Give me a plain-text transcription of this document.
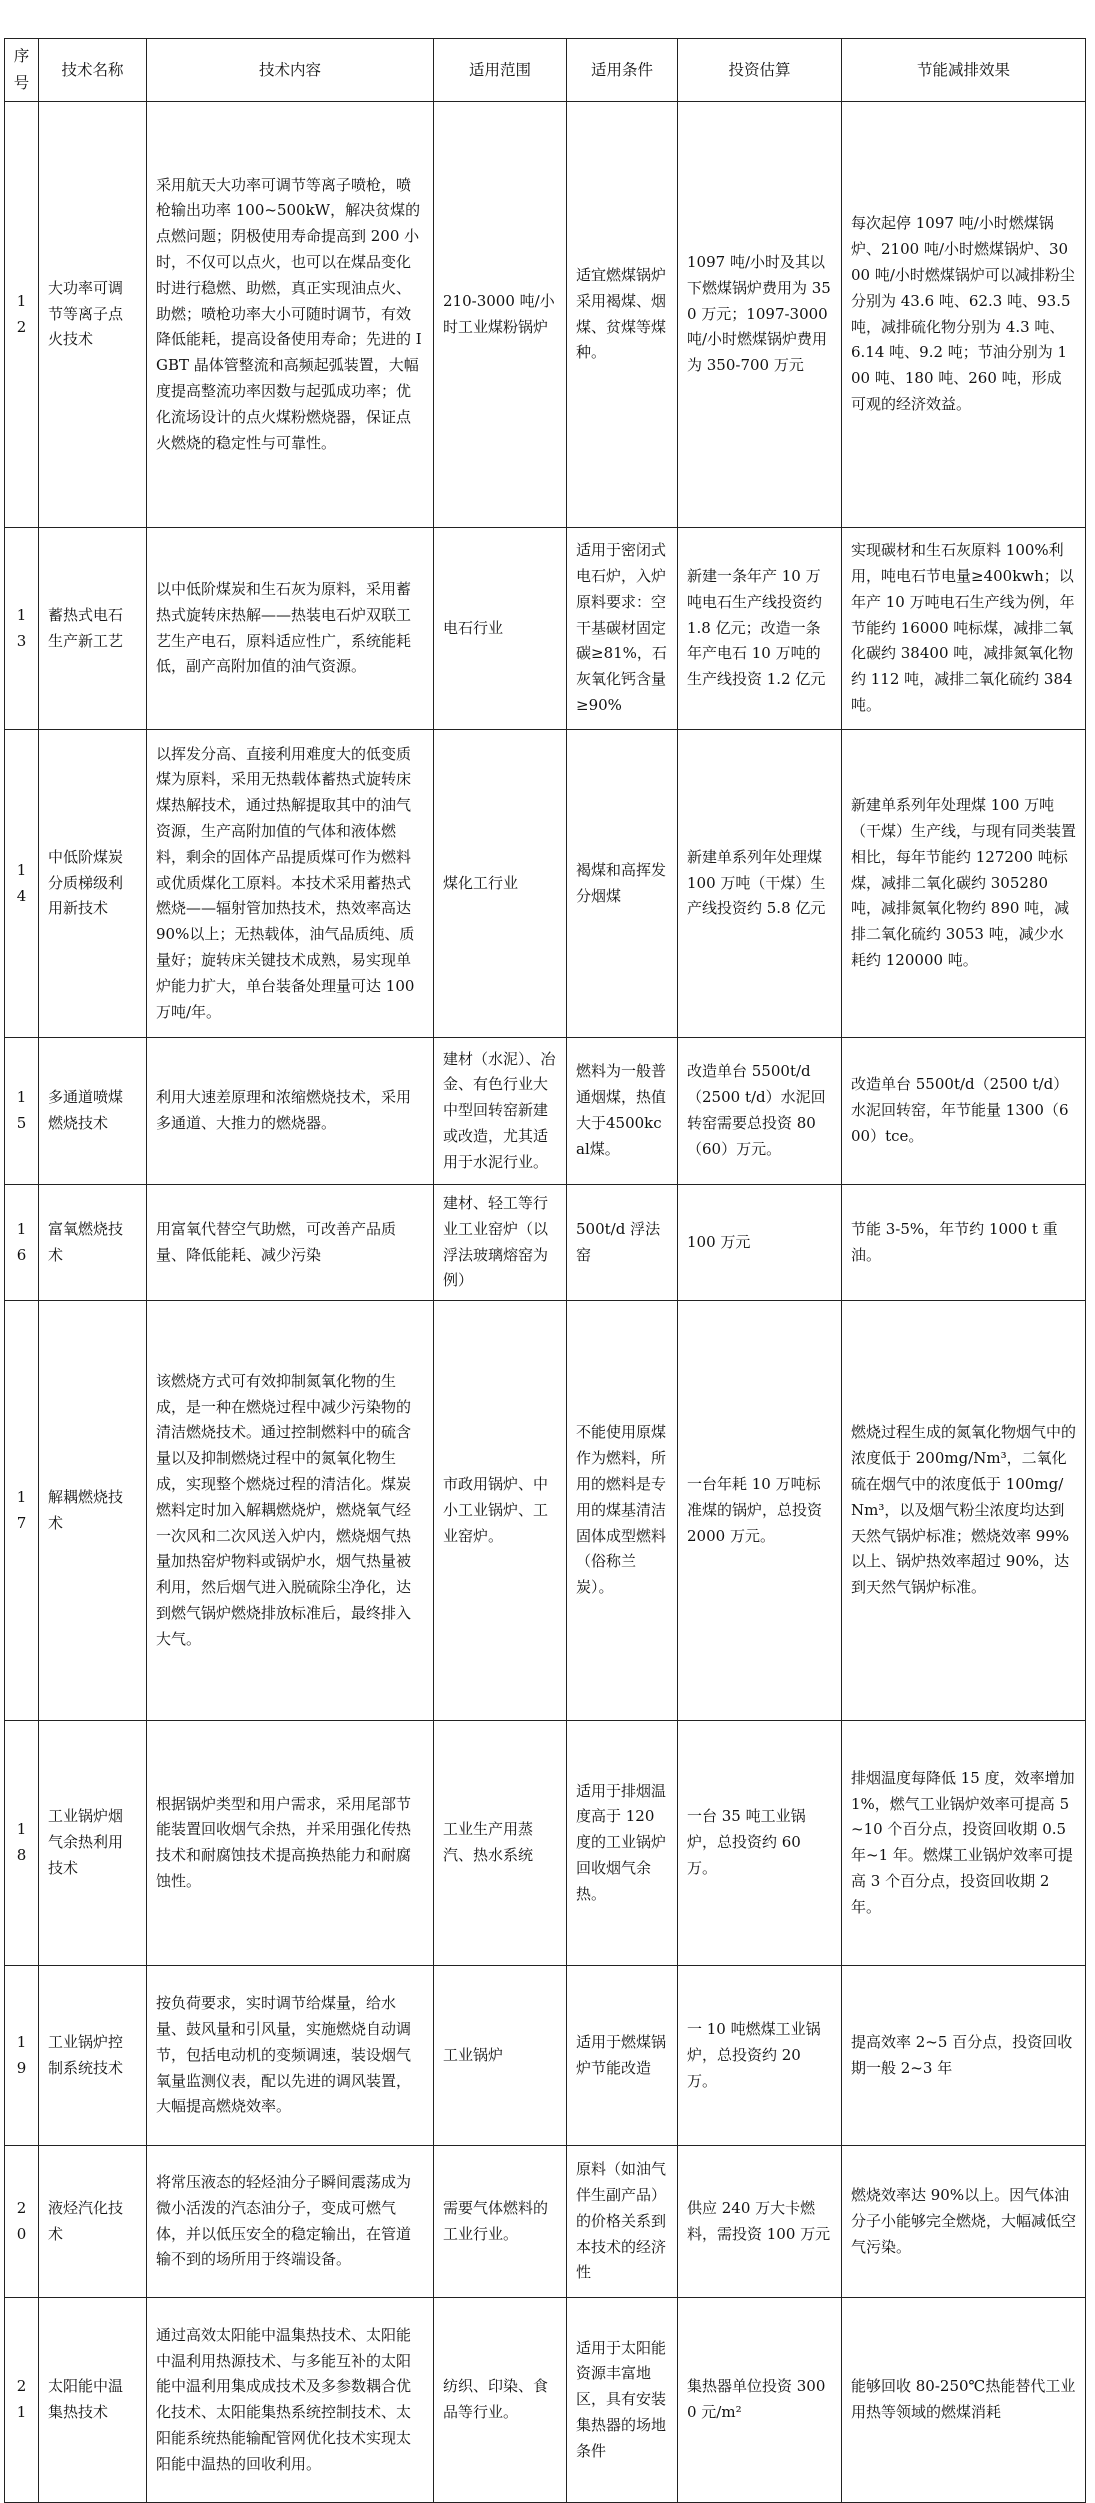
序号	技术名称	技术内容	适用范围	适用条件	投资估算	节能减排效果
12	大功率可调节等离子点火技术	采用航天大功率可调节等离子喷枪，喷枪输出功率 100~500kW，解决贫煤的点燃问题；阴极使用寿命提高到 200 小时，不仅可以点火，也可以在煤品变化时进行稳燃、助燃，真正实现油点火、助燃；喷枪功率大小可随时调节，有效降低能耗，提高设备使用寿命；先进的 IGBT 晶体管整流和高频起弧装置，大幅度提高整流功率因数与起弧成功率；优化流场设计的点火煤粉燃烧器，保证点火燃烧的稳定性与可靠性。	210-3000 吨/小时工业煤粉锅炉	适宜燃煤锅炉采用褐煤、烟煤、贫煤等煤种。	1097 吨/小时及其以下燃煤锅炉费用为 350 万元；1097-3000 吨/小时燃煤锅炉费用为 350-700 万元	每次起停 1097 吨/小时燃煤锅炉、2100 吨/小时燃煤锅炉、3000 吨/小时燃煤锅炉可以减排粉尘分别为 43.6 吨、62.3 吨、93.5 吨，减排硫化物分别为 4.3 吨、6.14 吨、9.2 吨；节油分别为 100 吨、180 吨、260 吨，形成可观的经济效益。
13	蓄热式电石生产新工艺	以中低阶煤炭和生石灰为原料，采用蓄热式旋转床热解——热装电石炉双联工艺生产电石，原料适应性广，系统能耗低，副产高附加值的油气资源。	电石行业	适用于密闭式电石炉，入炉原料要求：空干基碳材固定碳≥81%，石灰氧化钙含量≥90%	新建一条年产 10 万吨电石生产线投资约 1.8 亿元；改造一条年产电石 10 万吨的生产线投资 1.2 亿元	实现碳材和生石灰原料 100%利用，吨电石节电量≥400kwh；以年产 10 万吨电石生产线为例，年节能约 16000 吨标煤，减排二氧化碳约 38400 吨，减排氮氧化物约 112 吨，减排二氧化硫约 384 吨。
14	中低阶煤炭分质梯级利用新技术	以挥发分高、直接利用难度大的低变质煤为原料，采用无热载体蓄热式旋转床煤热解技术，通过热解提取其中的油气资源，生产高附加值的气体和液体燃料，剩余的固体产品提质煤可作为燃料或优质煤化工原料。本技术采用蓄热式燃烧——辐射管加热技术，热效率高达 90%以上；无热载体，油气品质纯、质量好；旋转床关键技术成熟，易实现单炉能力扩大，单台装备处理量可达 100 万吨/年。	煤化工行业	褐煤和高挥发分烟煤	新建单系列年处理煤 100 万吨（干煤）生产线投资约 5.8 亿元	新建单系列年处理煤 100 万吨（干煤）生产线，与现有同类装置相比，每年节能约 127200 吨标煤，减排二氧化碳约 305280 吨，减排氮氧化物约 890 吨，减排二氧化硫约 3053 吨，减少水耗约 120000 吨。
15	多通道喷煤燃烧技术	利用大速差原理和浓缩燃烧技术，采用多通道、大推力的燃烧器。	建材（水泥）、冶金、有色行业大中型回转窑新建或改造，尤其适用于水泥行业。	燃料为一般普通烟煤，热值大于4500kcal煤。	改造单台 5500t/d（2500 t/d）水泥回转窑需要总投资 80（60）万元。	改造单台 5500t/d（2500 t/d）水泥回转窑，年节能量 1300（600）tce。
16	富氧燃烧技术	用富氧代替空气助燃，可改善产品质量、降低能耗、减少污染	建材、轻工等行业工业窑炉（以浮法玻璃熔窑为例）	500t/d 浮法窑	100 万元	节能 3-5%，年节约 1000 t 重油。
17	解耦燃烧技术	该燃烧方式可有效抑制氮氧化物的生成，是一种在燃烧过程中减少污染物的清洁燃烧技术。通过控制燃料中的硫含量以及抑制燃烧过程中的氮氧化物生成，实现整个燃烧过程的清洁化。煤炭燃料定时加入解耦燃烧炉，燃烧氧气经一次风和二次风送入炉内，燃烧烟气热量加热窑炉物料或锅炉水，烟气热量被利用，然后烟气进入脱硫除尘净化，达到燃气锅炉燃烧排放标准后，最终排入大气。	市政用锅炉、中小工业锅炉、工业窑炉。	不能使用原煤作为燃料，所用的燃料是专用的煤基清洁固体成型燃料（俗称兰炭）。	一台年耗 10 万吨标准煤的锅炉，总投资 2000 万元。	燃烧过程生成的氮氧化物烟气中的浓度低于 200mg/Nm³，二氧化硫在烟气中的浓度低于 100mg/Nm³，以及烟气粉尘浓度均达到天然气锅炉标准；燃烧效率 99%以上、锅炉热效率超过 90%，达到天然气锅炉标准。
18	工业锅炉烟气余热利用技术	根据锅炉类型和用户需求，采用尾部节能装置回收烟气余热，并采用强化传热技术和耐腐蚀技术提高换热能力和耐腐蚀性。	工业生产用蒸汽、热水系统	适用于排烟温度高于 120 度的工业锅炉回收烟气余热。	一台 35 吨工业锅炉，总投资约 60 万。	排烟温度每降低 15 度，效率增加 1%，燃气工业锅炉效率可提高 5~10 个百分点，投资回收期 0.5 年~1 年。燃煤工业锅炉效率可提高 3 个百分点，投资回收期 2 年。
19	工业锅炉控制系统技术	按负荷要求，实时调节给煤量，给水量、鼓风量和引风量，实施燃烧自动调节，包括电动机的变频调速，装设烟气氧量监测仪表，配以先进的调风装置，大幅提高燃烧效率。	工业锅炉	适用于燃煤锅炉节能改造	一 10 吨燃煤工业锅炉，总投资约 20 万。	提高效率 2~5 百分点，投资回收期一般 2~3 年
20	液烃汽化技术	将常压液态的轻烃油分子瞬间震荡成为微小活泼的汽态油分子，变成可燃气体，并以低压安全的稳定输出，在管道输不到的场所用于终端设备。	需要气体燃料的工业行业。	原料（如油气伴生副产品）的价格关系到本技术的经济性	供应 240 万大卡燃料，需投资 100 万元	燃烧效率达 90%以上。因气体油分子小能够完全燃烧，大幅减低空气污染。
21	太阳能中温集热技术	通过高效太阳能中温集热技术、太阳能中温利用热源技术、与多能互补的太阳能中温利用集成成技术及多参数耦合优化技术、太阳能集热系统控制技术、太阳能系统热能输配管网优化技术实现太阳能中温热的回收利用。	纺织、印染、食品等行业。	适用于太阳能资源丰富地区，具有安装集热器的场地条件	集热器单位投资 3000 元/m²	能够回收 80-250℃热能替代工业用热等领域的燃煤消耗
